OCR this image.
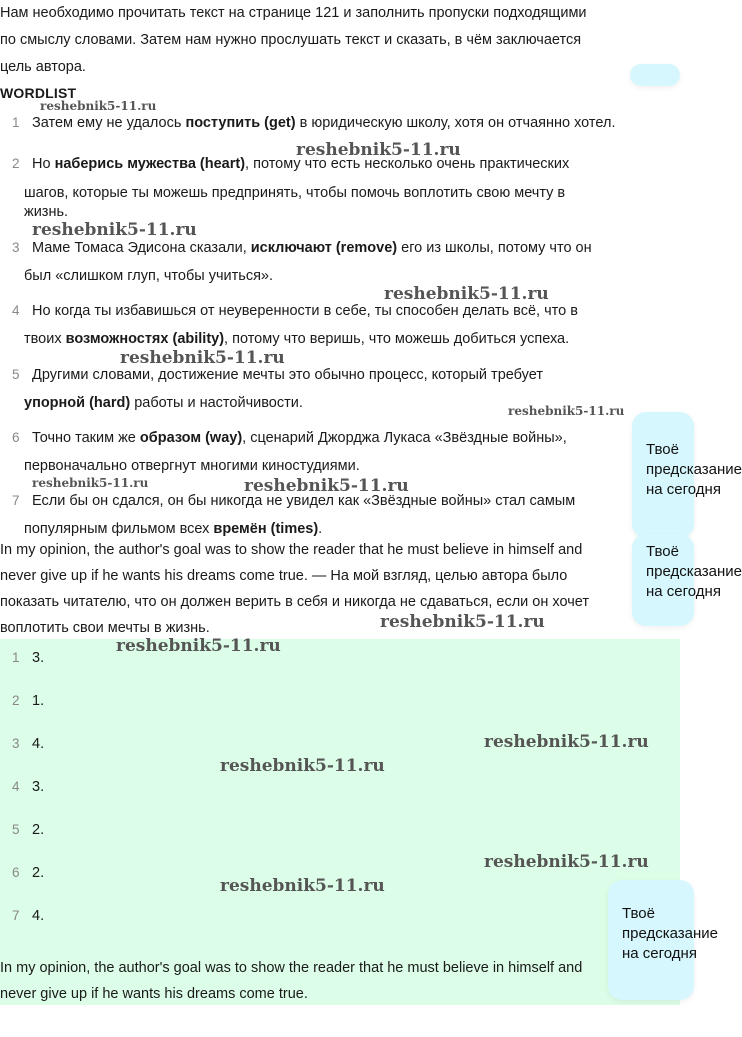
Нам необходимо прочитать текст на странице 121 и заполнить пропуски подходящими
по смыслу словами. Затем нам нужно прослушать текст и сказать, в чём заключается
цель автора.
WORDLIST
1 Затем ему не удалось поступить (get) в юридическую школу, хотя он отчаянно хотел.
2 Но наберись мужества (heart), потому что есть несколько очень практических
шагов, которые ты можешь предпринять, чтобы помочь воплотить свою мечту в
жизнь.
3 Маме Томаса Эдисона сказали, исключают (remove) его из школы, потому что он
был «слишком глуп, чтобы учиться».
4 Но когда ты избавишься от неуверенности в себе, ты способен делать всё, что в
твоих возможностях (ability), потому что веришь, что можешь добиться успеха.
5 Другими словами, достижение мечты это обычно процесс, который требует
упорной (hard) работы и настойчивости.
6 Точно таким же образом (way), сценарий Джорджа Лукаса «Звёздные войны»,
первоначально отвергнут многими киностудиями.
7 Если бы он сдался, он бы никогда не увидел как «Звёздные войны» стал самым
популярным фильмом всех времён (times).
In my opinion, the author's goal was to show the reader that he must believe in himself and
never give up if he wants his dreams come true. — На мой взгляд, целью автора было
показать читателю, что он должен верить в себя и никогда не сдаваться, если он хочет
воплотить свои мечты в жизнь.
1 3.
2 1.
3 4.
4 3.
5 2.
6 2.
7 4.
In my opinion, the author's goal was to show the reader that he must believe in himself and
never give up if he wants his dreams come true.
reshebnik5-11.ru
reshebnik5-11.ru
reshebnik5-11.ru
reshebnik5-11.ru
reshebnik5-11.ru
reshebnik5-11.ru
reshebnik5-11.ru	reshebnik5-11.ru
reshebnik5-11.ru
reshebnik5-11.ru
reshebnik5-11.ru
reshebnik5-11.ru
reshebnik5-11.ru
reshebnik5-11.ru
Твоё
предсказание
на сегодня
Твоё
предсказание
на сегодня
Твоё
предсказание
на сегодня
